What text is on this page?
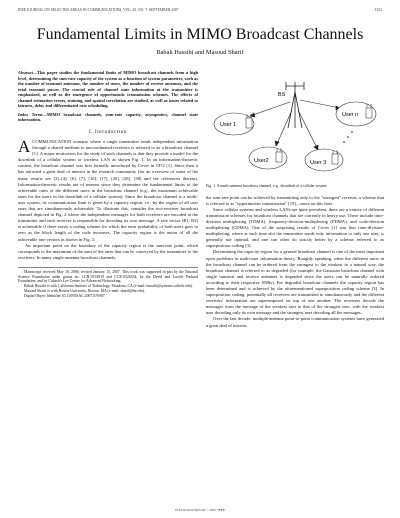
IEEE JOURNAL ON SELECTED AREAS IN COMMUNICATIONS, VOL. 25, NO. 7, SEPTEMBER 2007	1333
Fundamental Limits in MIMO Broadcast Channels
Babak Hassibi and Masoud Sharif

Abstract—This paper studies the fundamental limits of MIMO broadcast channels from a high level, determining the sum-rate capacity of the system as a function of system parameters, such as the number of transmit antennas, the number of users, the number of receive antennas, and the total transmit power. The crucial role of channel state information at the transmitter is emphasized, as well as the emergence of opportunistic transmission schemes. The effects of channel estimation errors, training, and spatial correlation are studied, as well as issues related to fairness, delay and differentiated rate scheduling.

Index Terms—MIMO broadcast channels, sum-rate capacity, asymptotics, channel state information.

I. Introduction

ACOMMUNICATION scenario where a single transmitter sends independent information through a shared medium to uncoordinated receivers is referred to as a broadcast channel [1]. A major motivation for the study of such channels is that they provide a model for the downlink of a cellular system or wireless LAN as shown Fig. 1. In an information-theoretic context, the broadcast channel was first formally introduced by Cover in 1972 [1]. Since then it has attracted a great deal of interest in the research community (for an overview of some of the many results see [2]–[4], [6], [7], [16], [17], [20], [28], [38] and the references therein). Information-theoretic results are of interest since they determine the fundamental limits of the achievable rates of the different users in the broadcast channel (e.g., the maximum achievable rates for the users in the downlink of a cellular system). Since the broadcast channel is a multi-user system, its communication limit is given by a capacity region, i.e., by the region of all user rates that are simultaneously achievable. To illustrate this, consider the two-receiver broadcast channel depicted in Fig. 2 where the independent messages for both receivers are encoded at the transmitter and each receiver is responsible for decoding its own message. A rate vector (R1, R2) is achievable if there exists a coding scheme for which the error probability of both users goes to zero as the block length of the code increases. The capacity region is the union of all the achievable rate vectors as shown in Fig. 3.

An important point on the boundary of the capacity region is the sum-rate point, which corresponds to the maximum of the sum of the rates that can be conveyed by the transmitter to the receivers. In many single-antenna broadcast channels,

Manuscript received May 16, 2006; revised January 15, 2007. This work was supported in part by the National Science Foundation under grants no. CCR-0133818 and CCR-0326554, by the David and Lucille Packard Foundation, and by Caltech's Lee Center for Advanced Networking.

Babak Hassibi is with California Institute of Technology, Pasadena, CA (e-mail: hassibi@systems.caltech.edu).

Masoud Sharif is with Boston University, Boston, MA (e-mail: sharif@bu.edu).

Digital Object Identifier 10.1109/JSAC.2007.070907.

BS
User 1
User n
User2	User 3

Fig. 1. A multi-antenna broadcast channel, e.g., downlink of a cellular system

the sum-rate point can be achieved by transmitting only to the "strongest" receiver, a scheme that is referred to as "opportunistic transmission" [19]—more on this later.

Since cellular systems and wireless LANs are quite prevalent, there are a variety of different transmission schemes for broadcast channels that are currently in heavy use. These include time-division multiplexing (TDMA), frequency-division-multiplexing (FDMA), and code-division multiplexing (CDMA). One of the surprising results of Cover [1] was that time-division-multiplexing, where at each time slot the transmitter sends only information to only one user, is generally not optimal, and one can often do strictly better by a scheme referred to as superposition coding [3].

Determining the capacity region for a general broadcast channel is one of the most important open problems in multi-user information theory. Roughly speaking, when the different users in the broadcast channel can be ordered from the strongest to the weakest in a natural way, the broadcast channel is referred to as degraded (for example, the Gaussian broadcast channel with single transmit and receive antennas is degraded since the users can be naturally ordered according to their respective SNRs). For degraded broadcast channels the capacity region has been determined and is achieved by the aforementioned superposition coding scheme [3]. In superposition coding, potentially all receivers are transmitted to simultaneously and the different receivers' information are superimposed on top of one another. The receivers decode the messages from the message of the weakest user to that of the strongest user, with the weakest user decoding only its own message and the strongest user decoding all the messages.

Over the last decade, multiple-antenna point-to-point communication systems have generated a great deal of interest,

0733-8716/07/$25.00 © 2007 IEEE
